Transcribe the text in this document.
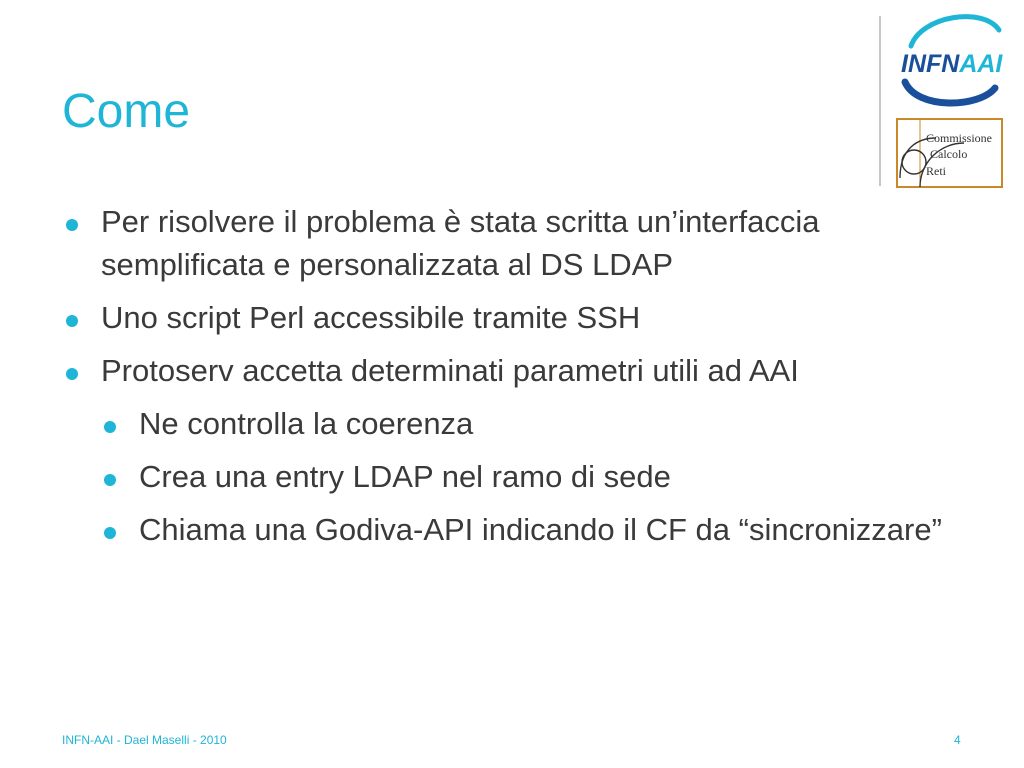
Come
INFNAAI
Commissione
Calcolo
Reti
Per risolvere il problema è stata scritta un’interfaccia semplificata e personalizzata al DS LDAP
Uno script Perl accessibile tramite SSH
Protoserv accetta determinati parametri utili ad AAI
Ne controlla la coerenza
Crea una entry LDAP nel ramo di sede
Chiama una Godiva-API indicando il CF da “sincronizzare”
INFN-AAI - Dael Maselli - 2010	4
